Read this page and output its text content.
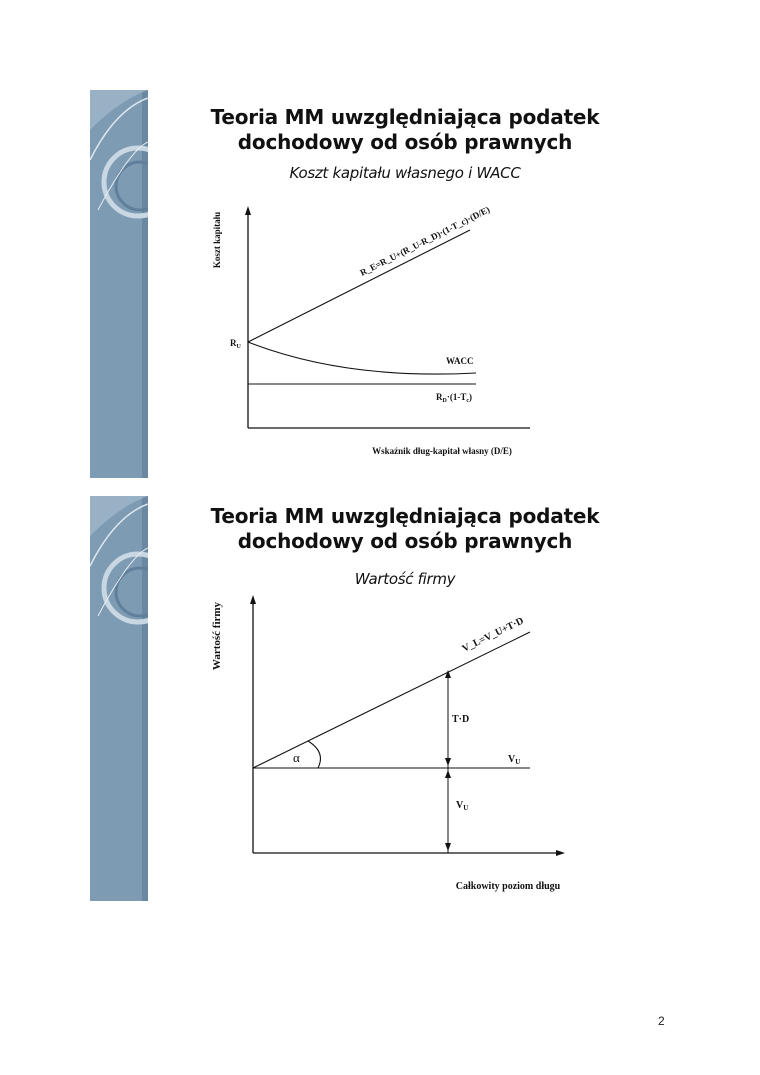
Teoria MM uwzględniająca podatek
dochodowy od osób prawnych
Koszt kapitału własnego i WACC
Koszt kapitału
Wskaźnik dług-kapitał własny (D/E)
R_E=R_U+(R_U-R_D)·(1-T_c)·(D/E)
WACC
$R_D\cdot(1-T_c)$
$R_U$
Teoria MM uwzględniająca podatek
dochodowy od osób prawnych
Wartość firmy
Wartość firmy
Całkowity poziom długu
V_L=V_U+T·D
$V_U$
T·D
$V_U$
α
2
